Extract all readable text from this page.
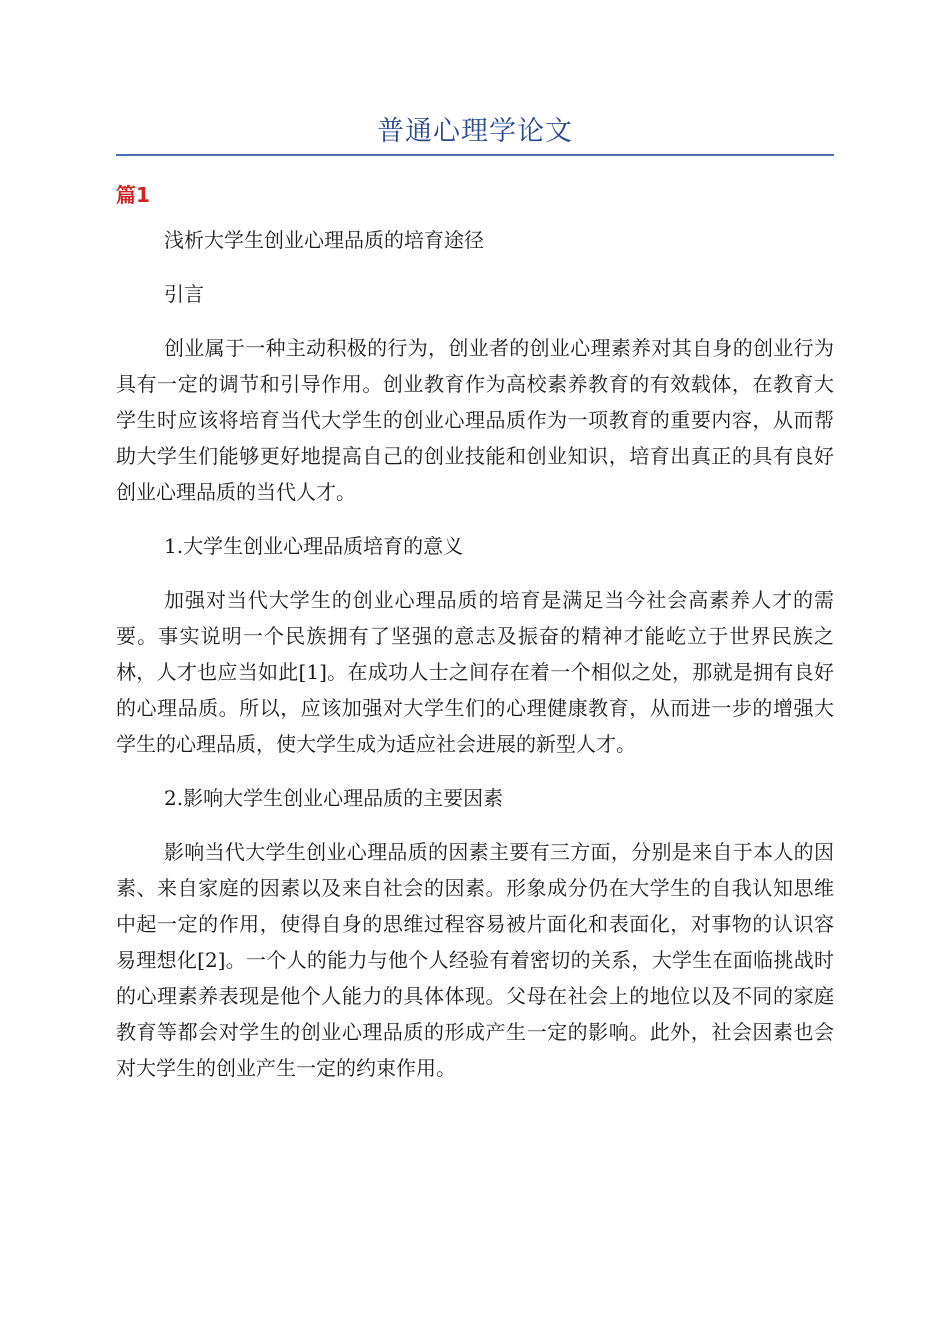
普通心理学论文
篇1

浅析大学生创业心理品质的培育途径

引言

创业属于一种主动积极的行为，创业者的创业心理素养对其自身的创业行为具有一定的调节和引导作用。创业教育作为高校素养教育的有效载体，在教育大学生时应该将培育当代大学生的创业心理品质作为一项教育的重要内容，从而帮助大学生们能够更好地提高自己的创业技能和创业知识，培育出真正的具有良好创业心理品质的当代人才。

1.大学生创业心理品质培育的意义

加强对当代大学生的创业心理品质的培育是满足当今社会高素养人才的需要。事实说明一个民族拥有了坚强的意志及振奋的精神才能屹立于世界民族之林，人才也应当如此[1]。在成功人士之间存在着一个相似之处，那就是拥有良好的心理品质。所以，应该加强对大学生们的心理健康教育，从而进一步的增强大学生的心理品质，使大学生成为适应社会进展的新型人才。

2.影响大学生创业心理品质的主要因素

影响当代大学生创业心理品质的因素主要有三方面，分别是来自于本人的因素、来自家庭的因素以及来自社会的因素。形象成分仍在大学生的自我认知思维中起一定的作用，使得自身的思维过程容易被片面化和表面化，对事物的认识容易理想化[2]。一个人的能力与他个人经验有着密切的关系，大学生在面临挑战时的心理素养表现是他个人能力的具体体现。父母在社会上的地位以及不同的家庭教育等都会对学生的创业心理品质的形成产生一定的影响。此外，社会因素也会对大学生的创业产生一定的约束作用。
